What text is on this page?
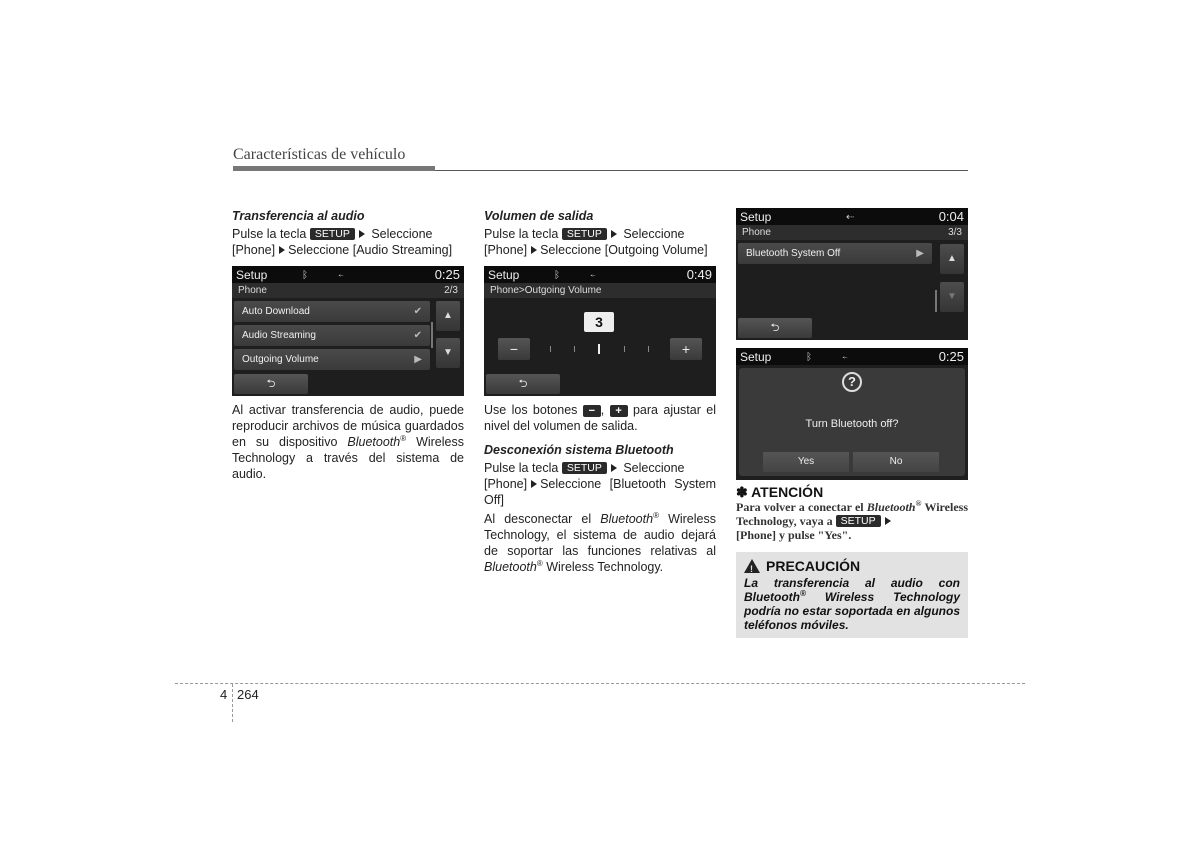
Características de vehículo
Transferencia al audio

Pulse la tecla SETUP Seleccione
[Phone] Seleccione [Audio Streaming]

Setup	ᛒ⇠	0:25
Phone	2/3
Auto Download	✔
Audio Streaming	✔
Outgoing Volume	▶
▲
▼
⮌

Al activar transferencia de audio, puede reproducir archivos de música guardados en su dispositivo Bluetooth® Wireless Technology a través del sistema de audio.

Volumen de salida

Pulse la tecla SETUP Seleccione
[Phone] Seleccione [Outgoing Volume]

Setup	ᛒ⇠	0:49
Phone>Outgoing Volume
3
−	+
⮌

Use los botones − , + para ajustar el nivel del volumen de salida.

Desconexión sistema Bluetooth

Pulse la tecla SETUP Seleccione
[Phone] Seleccione [Bluetooth System Off]

Al desconectar el Bluetooth® Wireless Technology, el sistema de audio dejará de soportar las funciones relativas al Bluetooth® Wireless Technology.

Setup	⇠	0:04
Phone	3/3
Bluetooth System Off	▶	▲
▼
⮌
Setup	ᛒ⇠	0:25
?
Turn Bluetooth off?
Yes	No
✽ ATENCIÓN

Para volver a conectar el Bluetooth® Wireless Technology, vaya a SETUP
[Phone] y pulse "Yes".

!
PRECAUCIÓN

La transferencia al audio con Bluetooth® Wireless Technology podría no estar soportada en algunos teléfonos móviles.

4 264
